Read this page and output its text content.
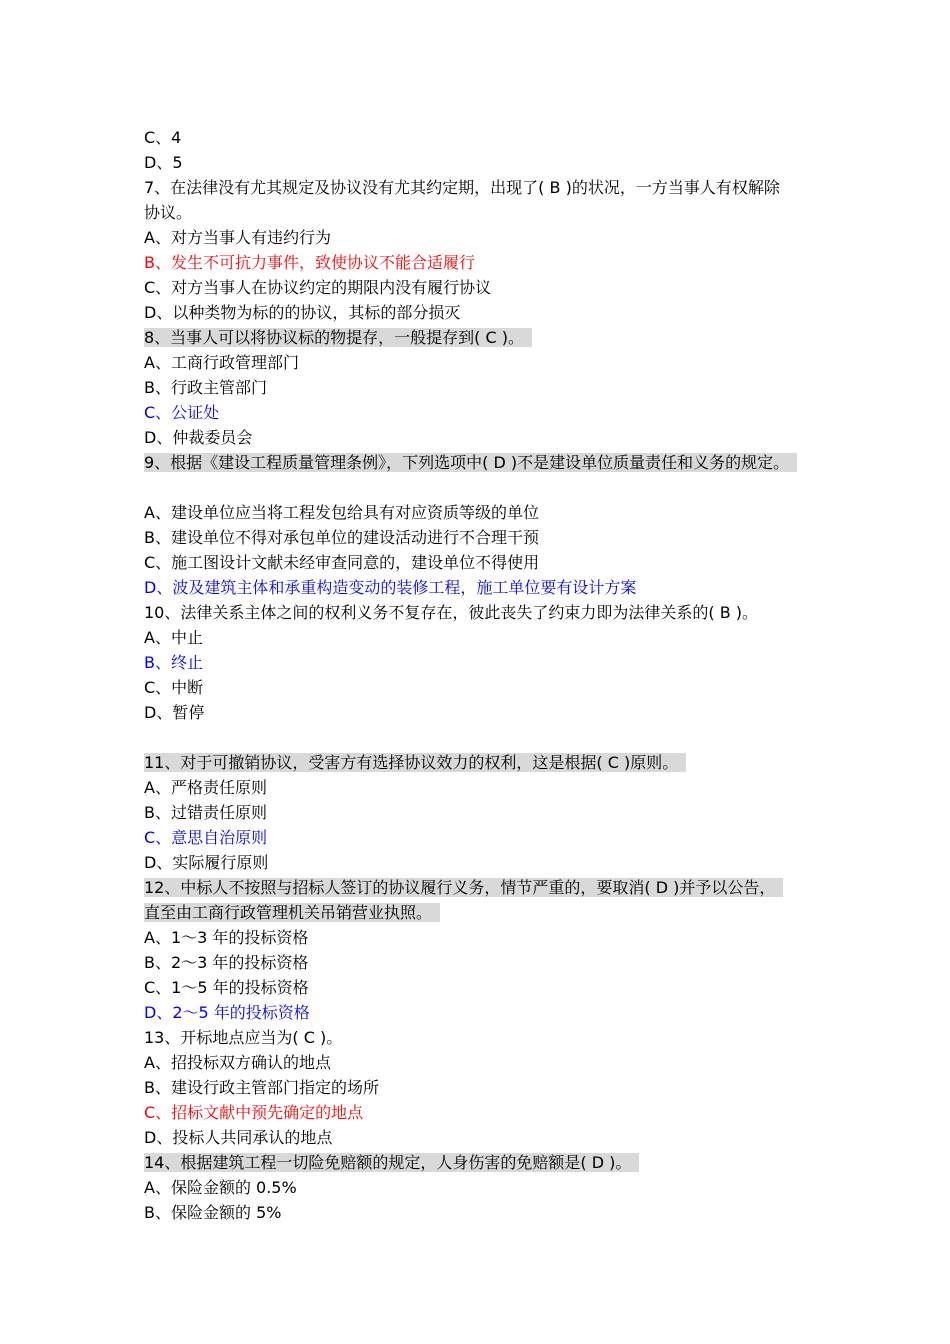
C、4
D、5
7、在法律没有尤其规定及协议没有尤其约定期，出现了( B )的状况，一方当事人有权解除
协议。
A、对方当事人有违约行为
B、发生不可抗力事件，致使协议不能合适履行
C、对方当事人在协议约定的期限内没有履行协议
D、以种类物为标的的协议，其标的部分损灭
8、当事人可以将协议标的物提存，一般提存到( C )。
A、工商行政管理部门
B、行政主管部门
C、公证处
D、仲裁委员会
9、根据《建设工程质量管理条例》，下列选项中( D )不是建设单位质量责任和义务的规定。
A、建设单位应当将工程发包给具有对应资质等级的单位
B、建设单位不得对承包单位的建设活动进行不合理干预
C、施工图设计文献未经审查同意的，建设单位不得使用
D、波及建筑主体和承重构造变动的装修工程，施工单位要有设计方案
10、法律关系主体之间的权利义务不复存在，彼此丧失了约束力即为法律关系的( B )。
A、中止
B、终止
C、中断
D、暂停
11、对于可撤销协议，受害方有选择协议效力的权利，这是根据( C )原则。
A、严格责任原则
B、过错责任原则
C、意思自治原则
D、实际履行原则
12、中标人不按照与招标人签订的协议履行义务，情节严重的，要取消( D )并予以公告，
直至由工商行政管理机关吊销营业执照。
A、1～3 年的投标资格
B、2～3 年的投标资格
C、1～5 年的投标资格
D、2～5 年的投标资格
13、开标地点应当为( C )。
A、招投标双方确认的地点
B、建设行政主管部门指定的场所
C、招标文献中预先确定的地点
D、投标人共同承认的地点
14、根据建筑工程一切险免赔额的规定，人身伤害的免赔额是( D )。
A、保险金额的 0.5%
B、保险金额的 5%
